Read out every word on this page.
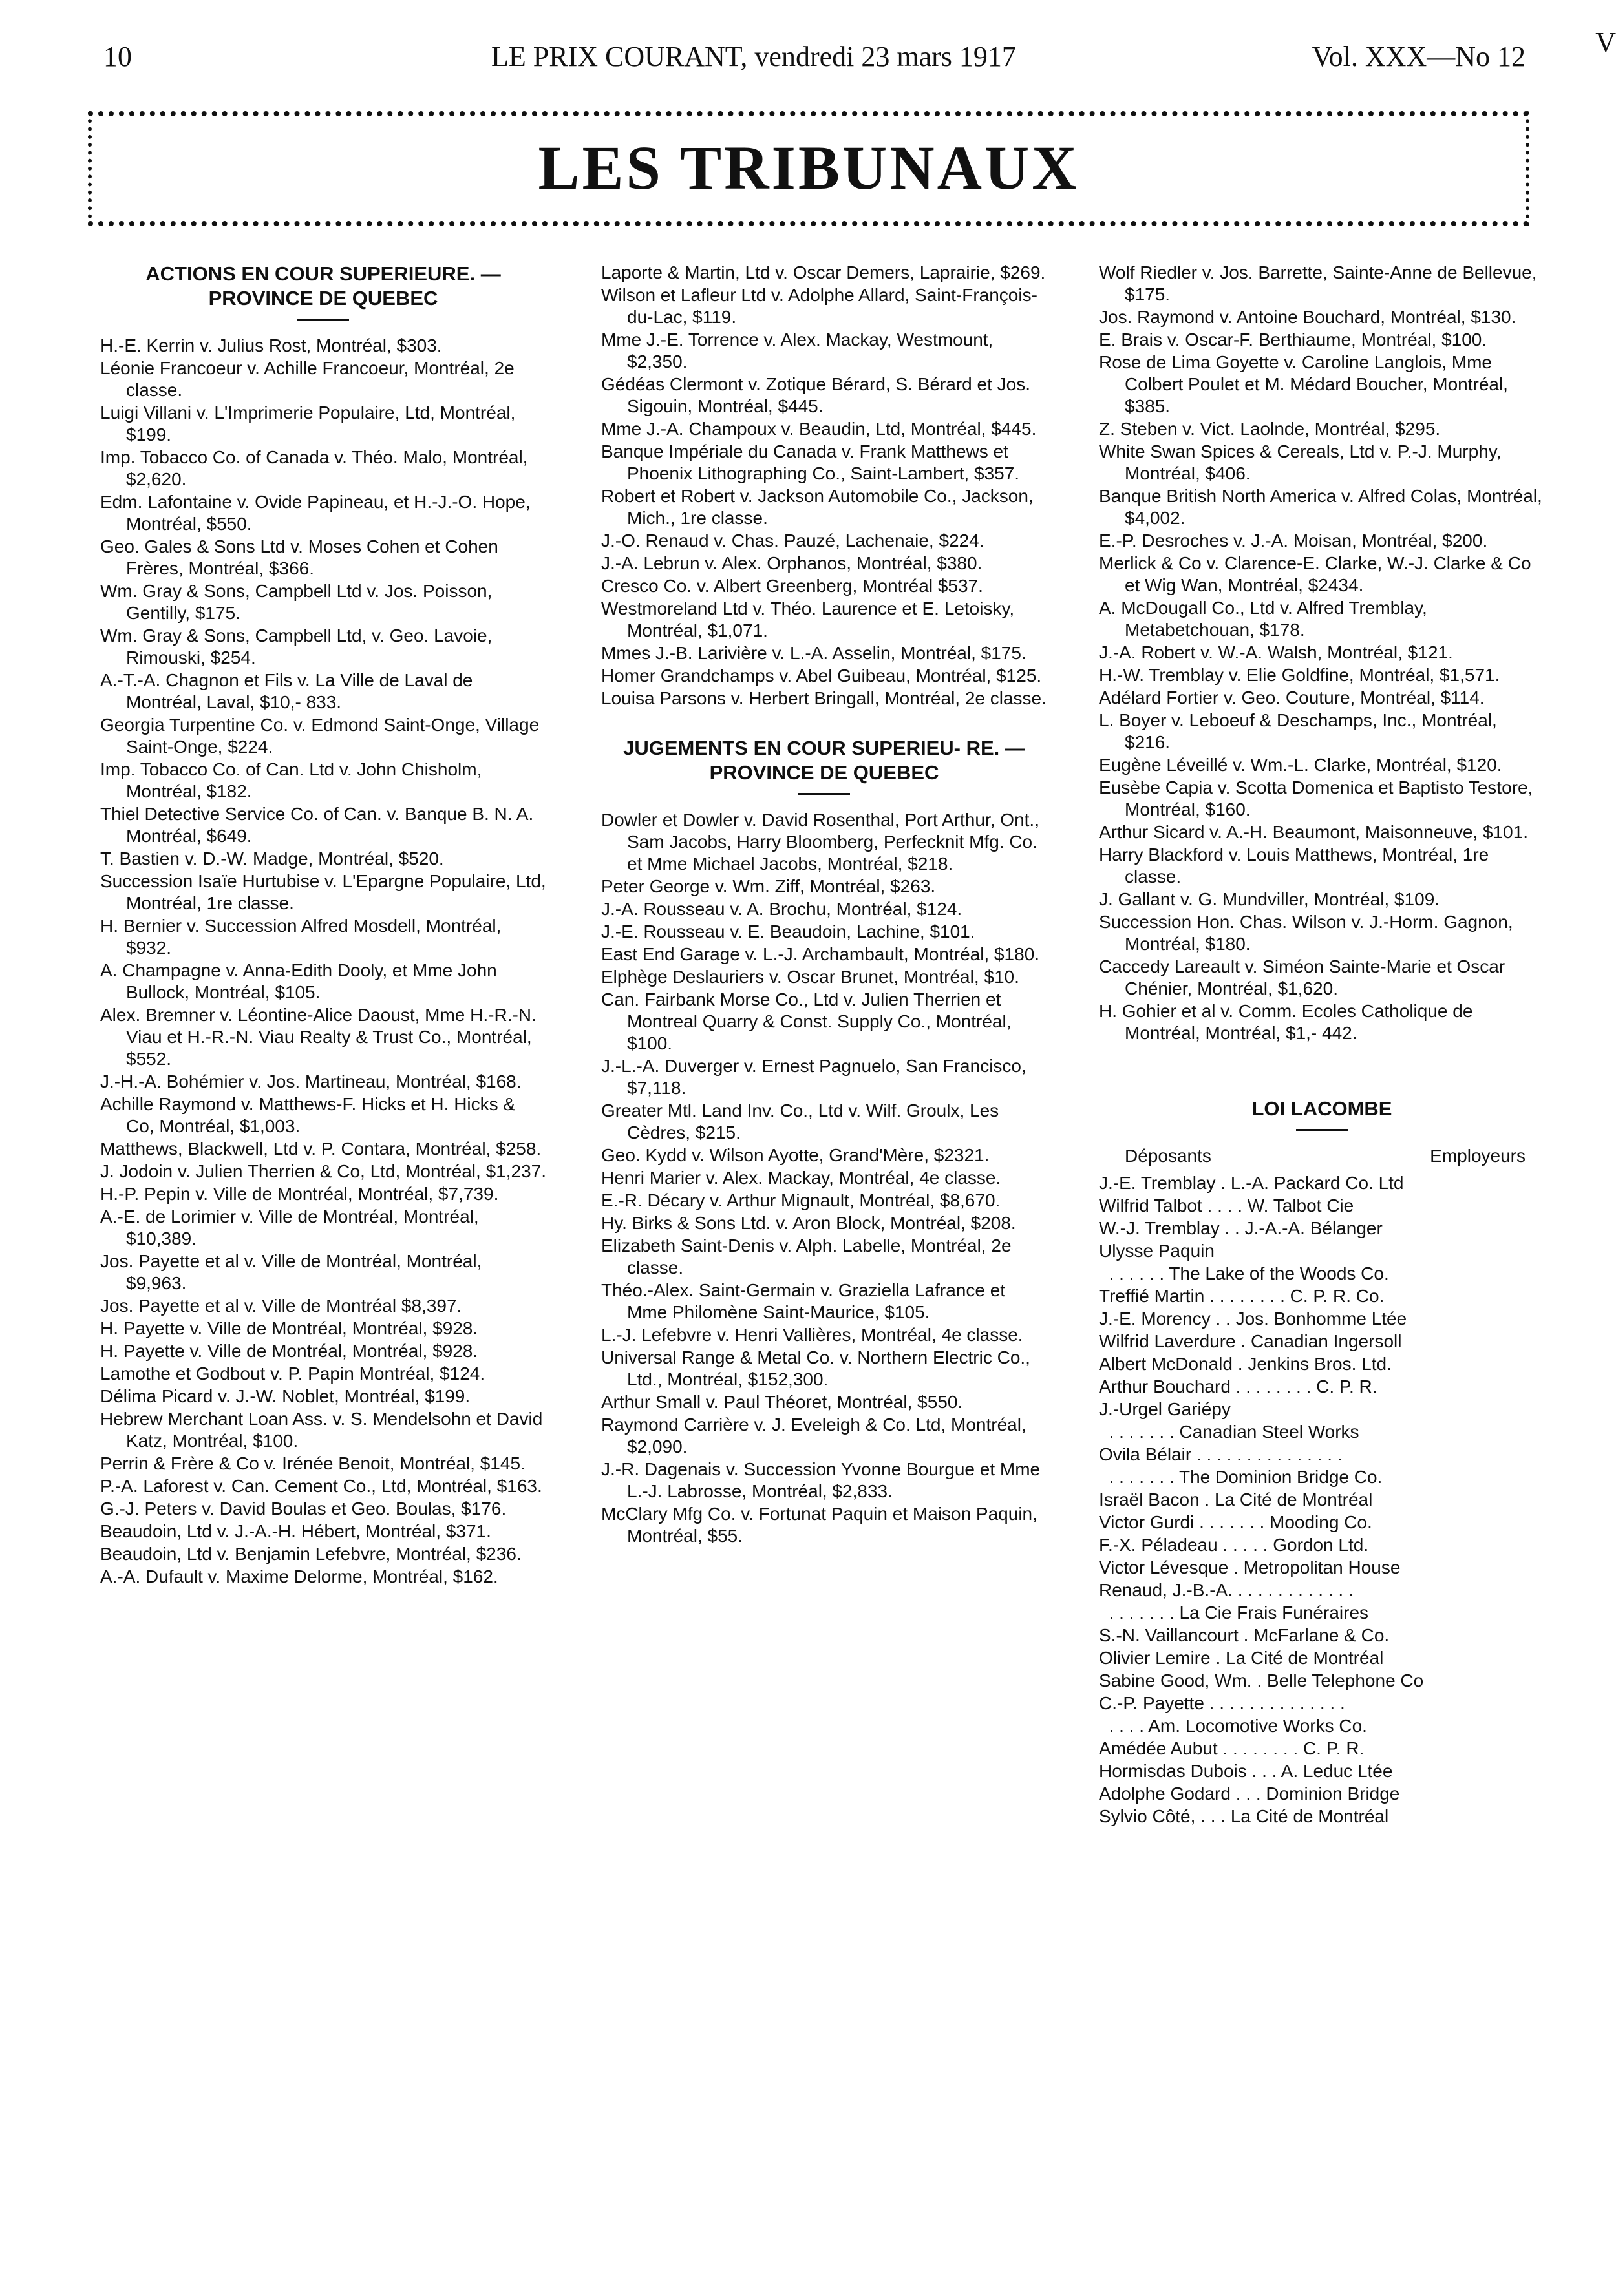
10	LE PRIX COURANT, vendredi 23 mars 1917	Vol. XXX—No 12 V
LES TRIBUNAUX
ACTIONS EN COUR SUPERIEURE. — PROVINCE DE QUEBEC
H.-E. Kerrin v. Julius Rost, Montréal, $303.
Léonie Francoeur v. Achille Francoeur, Montréal, 2e classe.
Luigi Villani v. L'Imprimerie Populaire, Ltd, Montréal, $199.
Imp. Tobacco Co. of Canada v. Théo. Malo, Montréal, $2,620.
Edm. Lafontaine v. Ovide Papineau, et H.-J.-O. Hope, Montréal, $550.
Geo. Gales & Sons Ltd v. Moses Cohen et Cohen Frères, Montréal, $366.
Wm. Gray & Sons, Campbell Ltd v. Jos. Poisson, Gentilly, $175.
Wm. Gray & Sons, Campbell Ltd, v. Geo. Lavoie, Rimouski, $254.
A.-T.-A. Chagnon et Fils v. La Ville de Laval de Montréal, Laval, $10,- 833.
Georgia Turpentine Co. v. Edmond Saint-Onge, Village Saint-Onge, $224.
Imp. Tobacco Co. of Can. Ltd v. John Chisholm, Montréal, $182.
Thiel Detective Service Co. of Can. v. Banque B. N. A. Montréal, $649.
T. Bastien v. D.-W. Madge, Montréal, $520.
Succession Isaïe Hurtubise v. L'Epargne Populaire, Ltd, Montréal, 1re classe.
H. Bernier v. Succession Alfred Mosdell, Montréal, $932.
A. Champagne v. Anna-Edith Dooly, et Mme John Bullock, Montréal, $105.
Alex. Bremner v. Léontine-Alice Daoust, Mme H.-R.-N. Viau et H.-R.-N. Viau Realty & Trust Co., Montréal, $552.
J.-H.-A. Bohémier v. Jos. Martineau, Montréal, $168.
Achille Raymond v. Matthews-F. Hicks et H. Hicks & Co, Montréal, $1,003.
Matthews, Blackwell, Ltd v. P. Contara, Montréal, $258.
J. Jodoin v. Julien Therrien & Co, Ltd, Montréal, $1,237.
H.-P. Pepin v. Ville de Montréal, Montréal, $7,739.
A.-E. de Lorimier v. Ville de Montréal, Montréal, $10,389.
Jos. Payette et al v. Ville de Montréal, Montréal, $9,963.
Jos. Payette et al v. Ville de Montréal $8,397.
H. Payette v. Ville de Montréal, Montréal, $928.
H. Payette v. Ville de Montréal, Montréal, $928.
Lamothe et Godbout v. P. Papin Montréal, $124.
Délima Picard v. J.-W. Noblet, Montréal, $199.
Hebrew Merchant Loan Ass. v. S. Mendelsohn et David Katz, Montréal, $100.
Perrin & Frère & Co v. Irénée Benoit, Montréal, $145.
P.-A. Laforest v. Can. Cement Co., Ltd, Montréal, $163.
G.-J. Peters v. David Boulas et Geo. Boulas, $176.
Beaudoin, Ltd v. J.-A.-H. Hébert, Montréal, $371.
Beaudoin, Ltd v. Benjamin Lefebvre, Montréal, $236.
A.-A. Dufault v. Maxime Delorme, Montréal, $162.
Laporte & Martin, Ltd v. Oscar Demers, Laprairie, $269.
Wilson et Lafleur Ltd v. Adolphe Allard, Saint-François-du-Lac, $119.
Mme J.-E. Torrence v. Alex. Mackay, Westmount, $2,350.
Gédéas Clermont v. Zotique Bérard, S. Bérard et Jos. Sigouin, Montréal, $445.
Mme J.-A. Champoux v. Beaudin, Ltd, Montréal, $445.
Banque Impériale du Canada v. Frank Matthews et Phoenix Lithographing Co., Saint-Lambert, $357.
Robert et Robert v. Jackson Automobile Co., Jackson, Mich., 1re classe.
J.-O. Renaud v. Chas. Pauzé, Lachenaie, $224.
J.-A. Lebrun v. Alex. Orphanos, Montréal, $380.
Cresco Co. v. Albert Greenberg, Montréal $537.
Westmoreland Ltd v. Théo. Laurence et E. Letoisky, Montréal, $1,071.
Mmes J.-B. Larivière v. L.-A. Asselin, Montréal, $175.
Homer Grandchamps v. Abel Guibeau, Montréal, $125.
Louisa Parsons v. Herbert Bringall, Montréal, 2e classe.
JUGEMENTS EN COUR SUPERIEU- RE. — PROVINCE DE QUEBEC
Dowler et Dowler v. David Rosenthal, Port Arthur, Ont., Sam Jacobs, Harry Bloomberg, Perfecknit Mfg. Co. et Mme Michael Jacobs, Montréal, $218.
Peter George v. Wm. Ziff, Montréal, $263.
J.-A. Rousseau v. A. Brochu, Montréal, $124.
J.-E. Rousseau v. E. Beaudoin, Lachine, $101.
East End Garage v. L.-J. Archambault, Montréal, $180.
Elphège Deslauriers v. Oscar Brunet, Montréal, $10.
Can. Fairbank Morse Co., Ltd v. Julien Therrien et Montreal Quarry & Const. Supply Co., Montréal, $100.
J.-L.-A. Duverger v. Ernest Pagnuelo, San Francisco, $7,118.
Greater Mtl. Land Inv. Co., Ltd v. Wilf. Groulx, Les Cèdres, $215.
Geo. Kydd v. Wilson Ayotte, Grand'Mère, $2321.
Henri Marier v. Alex. Mackay, Montréal, 4e classe.
E.-R. Décary v. Arthur Mignault, Montréal, $8,670.
Hy. Birks & Sons Ltd. v. Aron Block, Montréal, $208.
Elizabeth Saint-Denis v. Alph. Labelle, Montréal, 2e classe.
Théo.-Alex. Saint-Germain v. Graziella Lafrance et Mme Philomène Saint-Maurice, $105.
L.-J. Lefebvre v. Henri Vallières, Montréal, 4e classe.
Universal Range & Metal Co. v. Northern Electric Co., Ltd., Montréal, $152,300.
Arthur Small v. Paul Théoret, Montréal, $550.
Raymond Carrière v. J. Eveleigh & Co. Ltd, Montréal, $2,090.
J.-R. Dagenais v. Succession Yvonne Bourgue et Mme L.-J. Labrosse, Montréal, $2,833.
McClary Mfg Co. v. Fortunat Paquin et Maison Paquin, Montréal, $55.
Wolf Riedler v. Jos. Barrette, Sainte-Anne de Bellevue, $175.
Jos. Raymond v. Antoine Bouchard, Montréal, $130.
E. Brais v. Oscar-F. Berthiaume, Montréal, $100.
Rose de Lima Goyette v. Caroline Langlois, Mme Colbert Poulet et M. Médard Boucher, Montréal, $385.
Z. Steben v. Vict. Laolnde, Montréal, $295.
White Swan Spices & Cereals, Ltd v. P.-J. Murphy, Montréal, $406.
Banque British North America v. Alfred Colas, Montréal, $4,002.
E.-P. Desroches v. J.-A. Moisan, Montréal, $200.
Merlick & Co v. Clarence-E. Clarke, W.-J. Clarke & Co et Wig Wan, Montréal, $2434.
A. McDougall Co., Ltd v. Alfred Tremblay, Metabetchouan, $178.
J.-A. Robert v. W.-A. Walsh, Montréal, $121.
H.-W. Tremblay v. Elie Goldfine, Montréal, $1,571.
Adélard Fortier v. Geo. Couture, Montréal, $114.
L. Boyer v. Leboeuf & Deschamps, Inc., Montréal, $216.
Eugène Léveillé v. Wm.-L. Clarke, Montréal, $120.
Eusèbe Capia v. Scotta Domenica et Baptisto Testore, Montréal, $160.
Arthur Sicard v. A.-H. Beaumont, Maisonneuve, $101.
Harry Blackford v. Louis Matthews, Montréal, 1re classe.
J. Gallant v. G. Mundviller, Montréal, $109.
Succession Hon. Chas. Wilson v. J.-Horm. Gagnon, Montréal, $180.
Caccedy Lareault v. Siméon Sainte-Marie et Oscar Chénier, Montréal, $1,620.
H. Gohier et al v. Comm. Ecoles Catholique de Montréal, Montréal, $1,- 442.
LOI LACOMBE
Déposants	Employeurs
J.-E. Tremblay . L.-A. Packard Co. Ltd
Wilfrid Talbot . . . . W. Talbot Cie
W.-J. Tremblay . . J.-A.-A. Bélanger
Ulysse Paquin
. . . . . . The Lake of the Woods Co.
Treffié Martin . . . . . . . . C. P. R. Co.
J.-E. Morency . . Jos. Bonhomme Ltée
Wilfrid Laverdure . Canadian Ingersoll
Albert McDonald . Jenkins Bros. Ltd.
Arthur Bouchard . . . . . . . . C. P. R.
J.-Urgel Gariépy
. . . . . . . Canadian Steel Works
Ovila Bélair . . . . . . . . . . . . . . .
. . . . . . . The Dominion Bridge Co.
Israël Bacon . La Cité de Montréal
Victor Gurdi . . . . . . . Mooding Co.
F.-X. Péladeau . . . . . Gordon Ltd.
Victor Lévesque . Metropolitan House
Renaud, J.-B.-A. . . . . . . . . . . . .
. . . . . . . La Cie Frais Funéraires
S.-N. Vaillancourt . McFarlane & Co.
Olivier Lemire . La Cité de Montréal
Sabine Good, Wm. . Belle Telephone Co
C.-P. Payette . . . . . . . . . . . . . .
. . . . Am. Locomotive Works Co.
Amédée Aubut . . . . . . . . C. P. R.
Hormisdas Dubois . . . A. Leduc Ltée
Adolphe Godard . . . Dominion Bridge
Sylvio Côté, . . . La Cité de Montréal
